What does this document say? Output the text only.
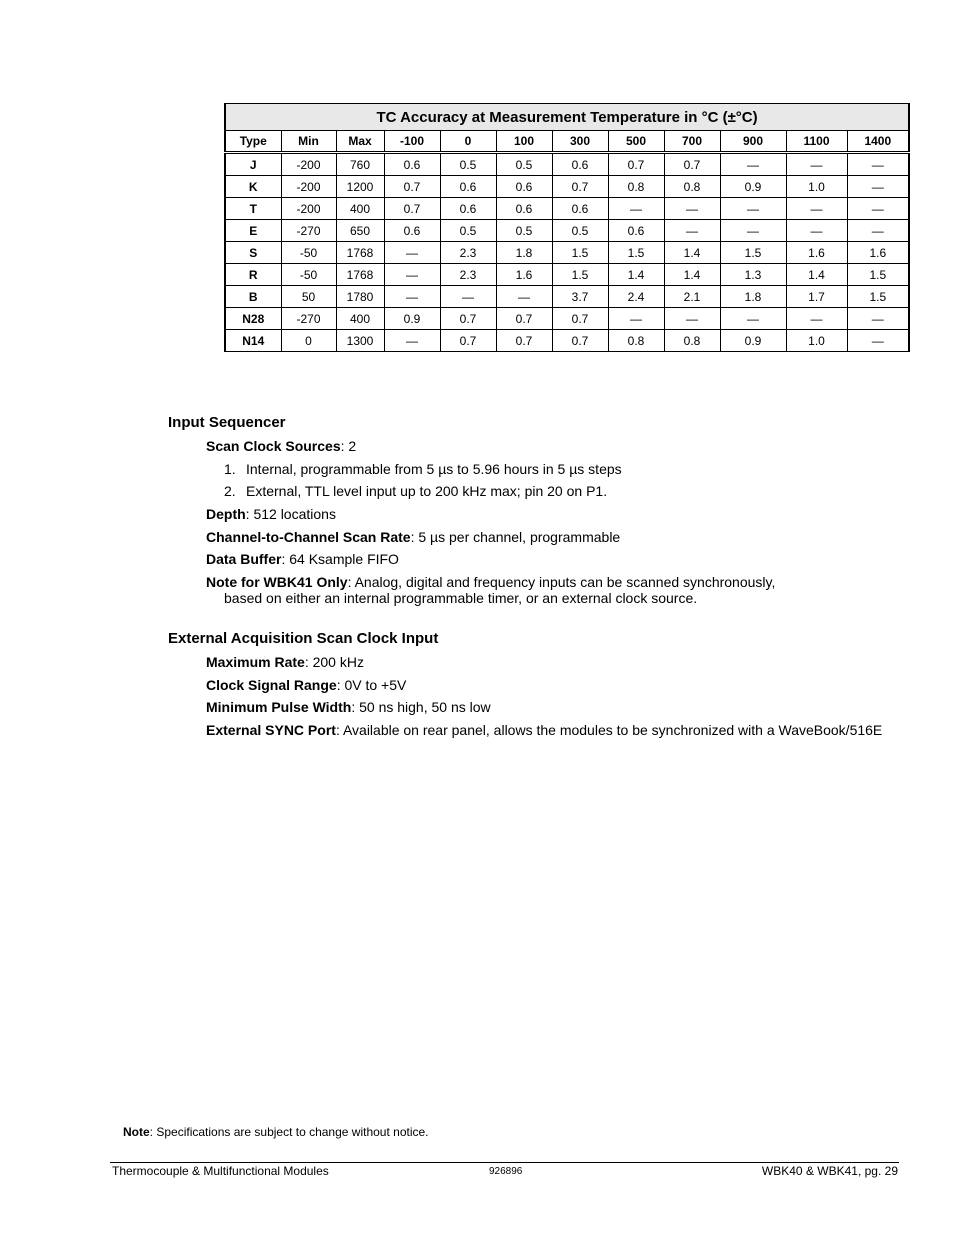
TC Accuracy at Measurement Temperature in °C (±°C)											
Type	Min	Max	-100	0	100	300	500	700	900	1100	1400
J	-200	760	0.6	0.5	0.5	0.6	0.7	0.7	—	—	—
K	-200	1200	0.7	0.6	0.6	0.7	0.8	0.8	0.9	1.0	—
T	-200	400	0.7	0.6	0.6	0.6	—	—	—	—	—
E	-270	650	0.6	0.5	0.5	0.5	0.6	—	—	—	—
S	-50	1768	—	2.3	1.8	1.5	1.5	1.4	1.5	1.6	1.6
R	-50	1768	—	2.3	1.6	1.5	1.4	1.4	1.3	1.4	1.5
B	50	1780	—	—	—	3.7	2.4	2.1	1.8	1.7	1.5
N28	-270	400	0.9	0.7	0.7	0.7	—	—	—	—	—
N14	0	1300	—	0.7	0.7	0.7	0.8	0.8	0.9	1.0	—
Input Sequencer
Scan Clock Sources: 2
1. Internal, programmable from 5 µs to 5.96 hours in 5 µs steps
2. External, TTL level input up to 200 kHz max; pin 20 on P1.
Depth: 512 locations
Channel-to-Channel Scan Rate: 5 µs per channel, programmable
Data Buffer: 64 Ksample FIFO
Note for WBK41 Only: Analog, digital and frequency inputs can be scanned synchronously,
based on either an internal programmable timer, or an external clock source.
External Acquisition Scan Clock Input
Maximum Rate: 200 kHz
Clock Signal Range: 0V to +5V
Minimum Pulse Width: 50 ns high, 50 ns low
External SYNC Port: Available on rear panel, allows the modules to be synchronized with a WaveBook/516E
Note: Specifications are subject to change without notice.
Thermocouple & Multifunctional Modules	926896	WBK40 & WBK41, pg. 29
